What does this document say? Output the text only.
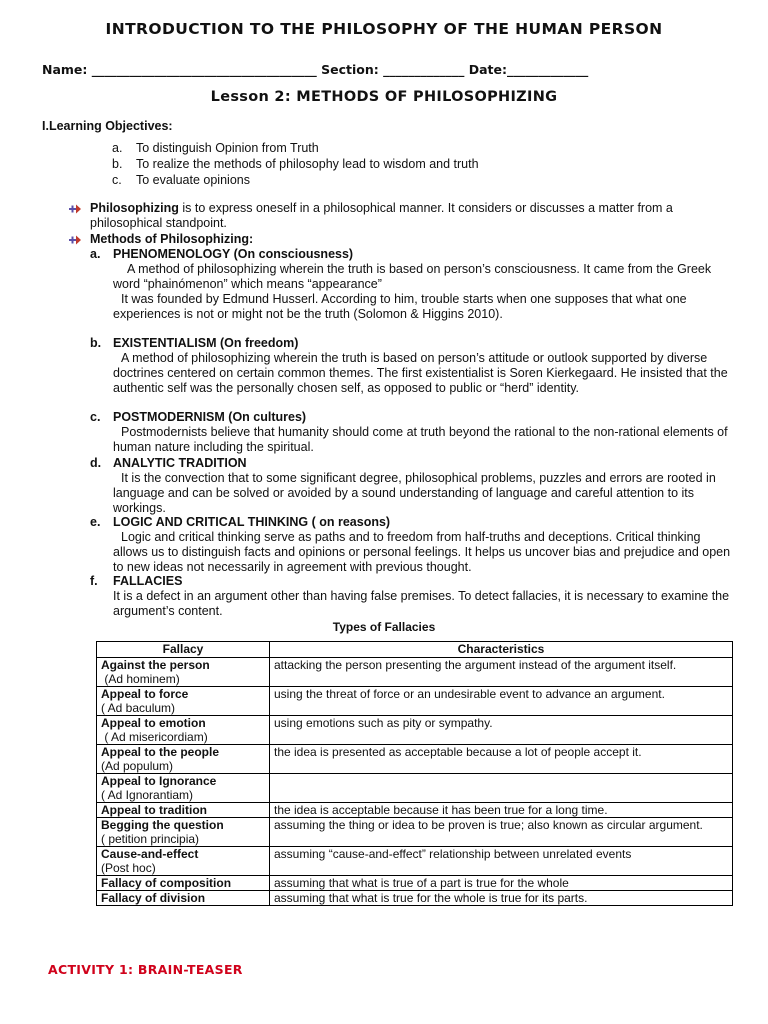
INTRODUCTION TO THE PHILOSOPHY OF THE HUMAN PERSON
Name: ____________________________________ Section: _____________ Date:_____________
Lesson 2: METHODS OF PHILOSOPHIZING
I.Learning Objectives:
a.	To distinguish Opinion from Truth
b.	To realize the methods of philosophy lead to wisdom and truth
c.	To evaluate opinions
Philosophizing is to express oneself in a philosophical manner. It considers or discusses a matter from a philosophical standpoint.
Methods of Philosophizing:
a.	PHENOMENOLOGY (On consciousness)
A method of philosophizing wherein the truth is based on person’s consciousness. It came from the Greek word “phainómenon” which means “appearance”
It was founded by Edmund Husserl. According to him, trouble starts when one supposes that what one experiences is not or might not be the truth (Solomon & Higgins 2010).
b. EXISTENTIALISM (On freedom)
A method of philosophizing wherein the truth is based on person’s attitude or outlook supported by diverse doctrines centered on certain common themes. The first existentialist is Soren Kierkegaard. He insisted that the authentic self was the personally chosen self, as opposed to public or “herd” identity.
c.	POSTMODERNISM (On cultures)
Postmodernists believe that humanity should come at truth beyond the rational to the non-rational elements of human nature including the spiritual.
d. ANALYTIC TRADITION
It is the convection that to some significant degree, philosophical problems, puzzles and errors are rooted in language and can be solved or avoided by a sound understanding of language and careful attention to its workings.
e.	LOGIC AND CRITICAL THINKING ( on reasons)
Logic and critical thinking serve as paths and to freedom from half-truths and deceptions. Critical thinking allows us to distinguish facts and opinions or personal feelings. It helps us uncover bias and prejudice and open to new ideas not necessarily in agreement with previous thought.
f.	FALLACIES
It is a defect in an argument other than having false premises. To detect fallacies, it is necessary to examine the argument’s content.
Types of Fallacies
Fallacy	Characteristics

Against the person
(Ad hominem)	attacking the person presenting the argument instead of the argument itself.

Appeal to force
( Ad baculum)	using the threat of force or an undesirable event to advance an argument.

Appeal to emotion
( Ad misericordiam)	using emotions such as pity or sympathy.

Appeal to the people
(Ad populum)	the idea is presented as acceptable because a lot of people accept it.

Appeal to Ignorance
( Ad Ignorantiam)	

Appeal to tradition	the idea is acceptable because it has been true for a long time.

Begging the question
( petition principia)	assuming the thing or idea to be proven is true; also known as circular argument.

Cause-and-effect
(Post hoc)	assuming “cause-and-effect” relationship between unrelated events

Fallacy of composition	assuming that what is true of a part is true for the whole

Fallacy of division	assuming that what is true for the whole is true for its parts.
ACTIVITY 1: BRAIN-TEASER
